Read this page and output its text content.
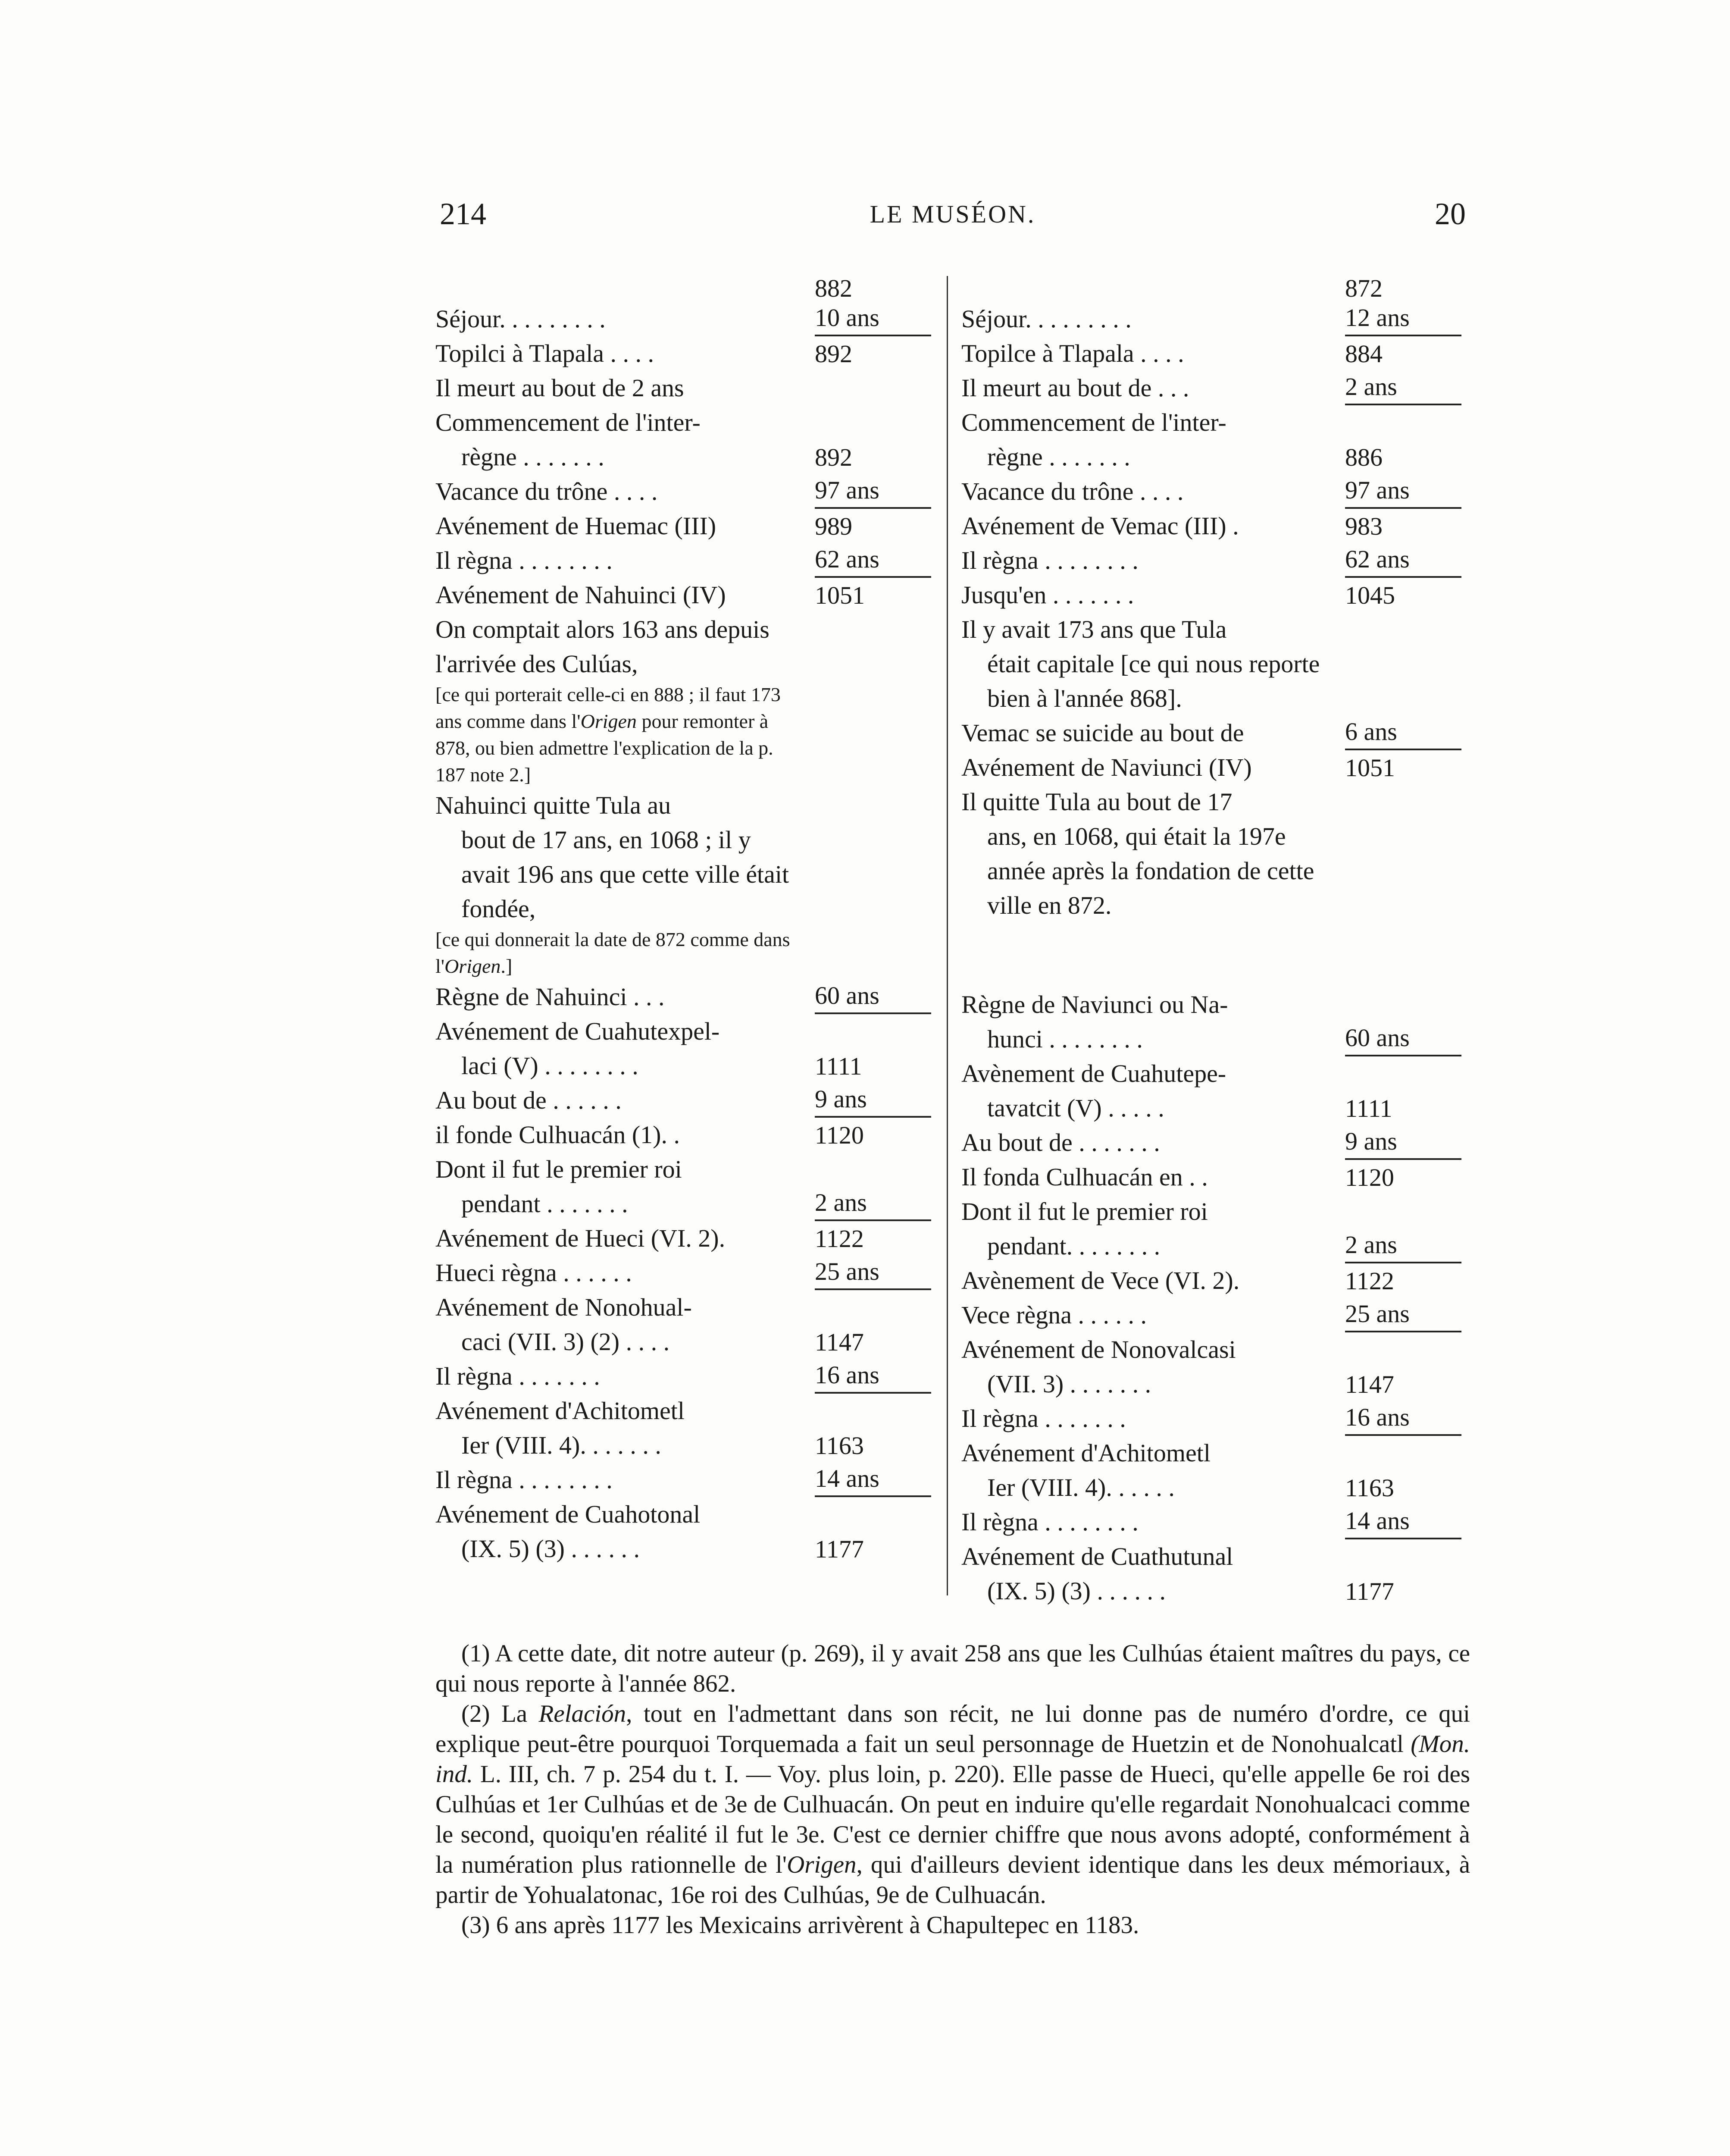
214	LE MUSÉON.	20
882
Séjour. . . . . . . . .	10 ans
Topilci à Tlapala . . . .	892
Il meurt au bout de 2 ans
Commencement de l'inter-
règne . . . . . . .	892
Vacance du trône . . . .	97 ans
Avénement de Huemac (III)	989
Il règna . . . . . . . .	62 ans
Avénement de Nahuinci (IV)	1051
On comptait alors 163 ans depuis l'arrivée des Culúas,
[ce qui porterait celle-ci en 888 ; il faut 173 ans comme dans l'Origen pour remonter à 878, ou bien admettre l'explication de la p. 187 note 2.]
Nahuinci quitte Tula au
bout de 17 ans, en 1068 ; il y avait 196 ans que cette ville était fondée,
[ce qui donnerait la date de 872 comme dans l'Origen.]
Règne de Nahuinci . . .	60 ans
Avénement de Cuahutexpel-
laci (V) . . . . . . . .	1111
Au bout de . . . . . .	9 ans
il fonde Culhuacán (1). .	1120
Dont il fut le premier roi
pendant . . . . . . .	2 ans
Avénement de Hueci (VI. 2).	1122
Hueci règna . . . . . .	25 ans
Avénement de Nonohual-
caci (VII. 3) (2) . . . .	1147
Il règna . . . . . . .	16 ans
Avénement d'Achitometl
Ier (VIII. 4). . . . . . .	1163
Il règna . . . . . . . .	14 ans
Avénement de Cuahotonal
(IX. 5) (3) . . . . . .	1177
872
Séjour. . . . . . . . .	12 ans
Topilce à Tlapala . . . .	884
Il meurt au bout de . . .	2 ans
Commencement de l'inter-
règne . . . . . . .	886
Vacance du trône . . . .	97 ans
Avénement de Vemac (III) .	983
Il règna . . . . . . . .	62 ans
Jusqu'en . . . . . . .	1045
Il y avait 173 ans que Tula
était capitale [ce qui nous reporte bien à l'année 868].
Vemac se suicide au bout de	6 ans
Avénement de Naviunci (IV)	1051
Il quitte Tula au bout de 17
ans, en 1068, qui était la 197e année après la fondation de cette ville en 872.
Règne de Naviunci ou Na-
hunci . . . . . . . .	60 ans
Avènement de Cuahutepe-
tavatcit (V) . . . . .	1111
Au bout de . . . . . . .	9 ans
Il fonda Culhuacán en . .	1120
Dont il fut le premier roi
pendant. . . . . . . .	2 ans
Avènement de Vece (VI. 2).	1122
Vece règna . . . . . .	25 ans
Avénement de Nonovalcasi
(VII. 3) . . . . . . .	1147
Il règna . . . . . . .	16 ans
Avénement d'Achitometl
Ier (VIII. 4). . . . . .	1163
Il règna . . . . . . . .	14 ans
Avénement de Cuathutunal
(IX. 5) (3) . . . . . .	1177

(1) A cette date, dit notre auteur (p. 269), il y avait 258 ans que les Culhúas étaient maîtres du pays, ce qui nous reporte à l'année 862.

(2) La Relación, tout en l'admettant dans son récit, ne lui donne pas de numéro d'ordre, ce qui explique peut-être pourquoi Torquemada a fait un seul personnage de Huetzin et de Nonohualcatl (Mon. ind. L. III, ch. 7 p. 254 du t. I. — Voy. plus loin, p. 220). Elle passe de Hueci, qu'elle appelle 6e roi des Culhúas et 1er Culhúas et de 3e de Culhuacán. On peut en induire qu'elle regardait Nonohualcaci comme le second, quoiqu'en réalité il fut le 3e. C'est ce dernier chiffre que nous avons adopté, conformément à la numération plus rationnelle de l'Origen, qui d'ailleurs devient identique dans les deux mémoriaux, à partir de Yohualatonac, 16e roi des Culhúas, 9e de Culhuacán.

(3) 6 ans après 1177 les Mexicains arrivèrent à Chapultepec en 1183.
